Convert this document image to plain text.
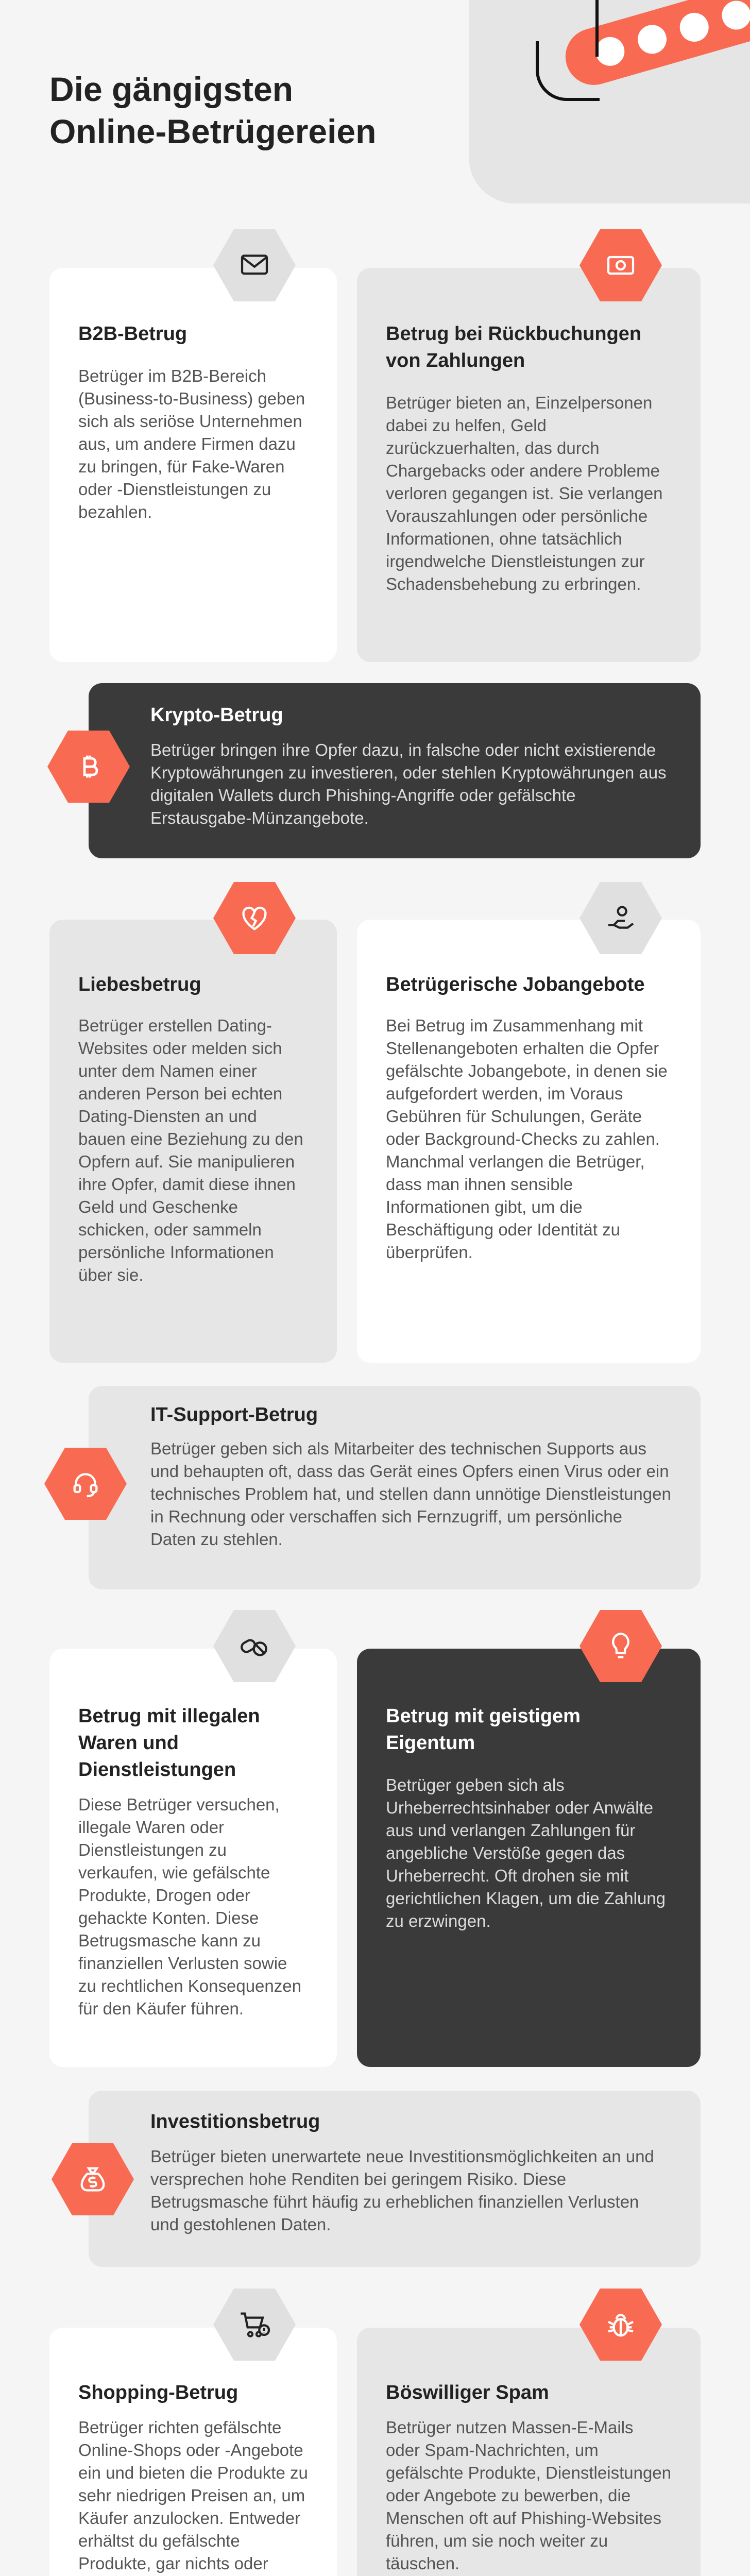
Die gängigsten
Online-Betrügereien
B2B-Betrug

Betrüger im B2B-Bereich (Business-to-Business) geben sich als seriöse Unternehmen aus, um andere Firmen dazu zu bringen, für Fake-Waren oder -Dienstleistungen zu bezahlen.

Betrug bei Rückbuchungen von Zahlungen

Betrüger bieten an, Einzelpersonen dabei zu helfen, Geld zurückzuerhalten, das durch Chargebacks oder andere Probleme verloren gegangen ist. Sie verlangen Vorauszahlungen oder persönliche Informationen, ohne tatsächlich irgendwelche Dienstleistungen zur Schadensbehebung zu erbringen.

Krypto-Betrug

Betrüger bringen ihre Opfer dazu, in falsche oder nicht existierende Kryptowährungen zu investieren, oder stehlen Kryptowährungen aus digitalen Wallets durch Phishing-Angriffe oder gefälschte Erstausgabe-Münzangebote.

Liebesbetrug

Betrüger erstellen Dating-Websites oder melden sich unter dem Namen einer anderen Person bei echten Dating-Diensten an und bauen eine Beziehung zu den Opfern auf. Sie manipulieren ihre Opfer, damit diese ihnen Geld und Geschenke schicken, oder sammeln persönliche Informationen über sie.

Betrügerische Jobangebote

Bei Betrug im Zusammenhang mit Stellenangeboten erhalten die Opfer gefälschte Jobangebote, in denen sie aufgefordert werden, im Voraus Gebühren für Schulungen, Geräte oder Background-Checks zu zahlen. Manchmal verlangen die Betrüger, dass man ihnen sensible Informationen gibt, um die Beschäftigung oder Identität zu überprüfen.

IT-Support-Betrug

Betrüger geben sich als Mitarbeiter des technischen Supports aus und behaupten oft, dass das Gerät eines Opfers einen Virus oder ein technisches Problem hat, und stellen dann unnötige Dienstleistungen in Rechnung oder verschaffen sich Fernzugriff, um persönliche Daten zu stehlen.

Betrug mit illegalen Waren und Dienstleistungen

Diese Betrüger versuchen, illegale Waren oder Dienstleistungen zu verkaufen, wie gefälschte Produkte, Drogen oder gehackte Konten. Diese Betrugsmasche kann zu finanziellen Verlusten sowie zu rechtlichen Konsequenzen für den Käufer führen.

Betrug mit geistigem Eigentum

Betrüger geben sich als Urheberrechtsinhaber oder Anwälte aus und verlangen Zahlungen für angebliche Verstöße gegen das Urheberrecht. Oft drohen sie mit gerichtlichen Klagen, um die Zahlung zu erzwingen.

Investitionsbetrug

Betrüger bieten unerwartete neue Investitionsmöglichkeiten an und versprechen hohe Renditen bei geringem Risiko. Diese Betrugsmasche führt häufig zu erheblichen finanziellen Verlusten und gestohlenen Daten.

Shopping-Betrug

Betrüger richten gefälschte Online-Shops oder -Angebote ein und bieten die Produkte zu sehr niedrigen Preisen an, um Käufer anzulocken. Entweder erhältst du gefälschte Produkte, gar nichts oder

Böswilliger Spam

Betrüger nutzen Massen-E-Mails oder Spam-Nachrichten, um gefälschte Produkte, Dienstleistungen oder Angebote zu bewerben, die Menschen oft auf Phishing-Websites führen, um sie noch weiter zu täuschen.
